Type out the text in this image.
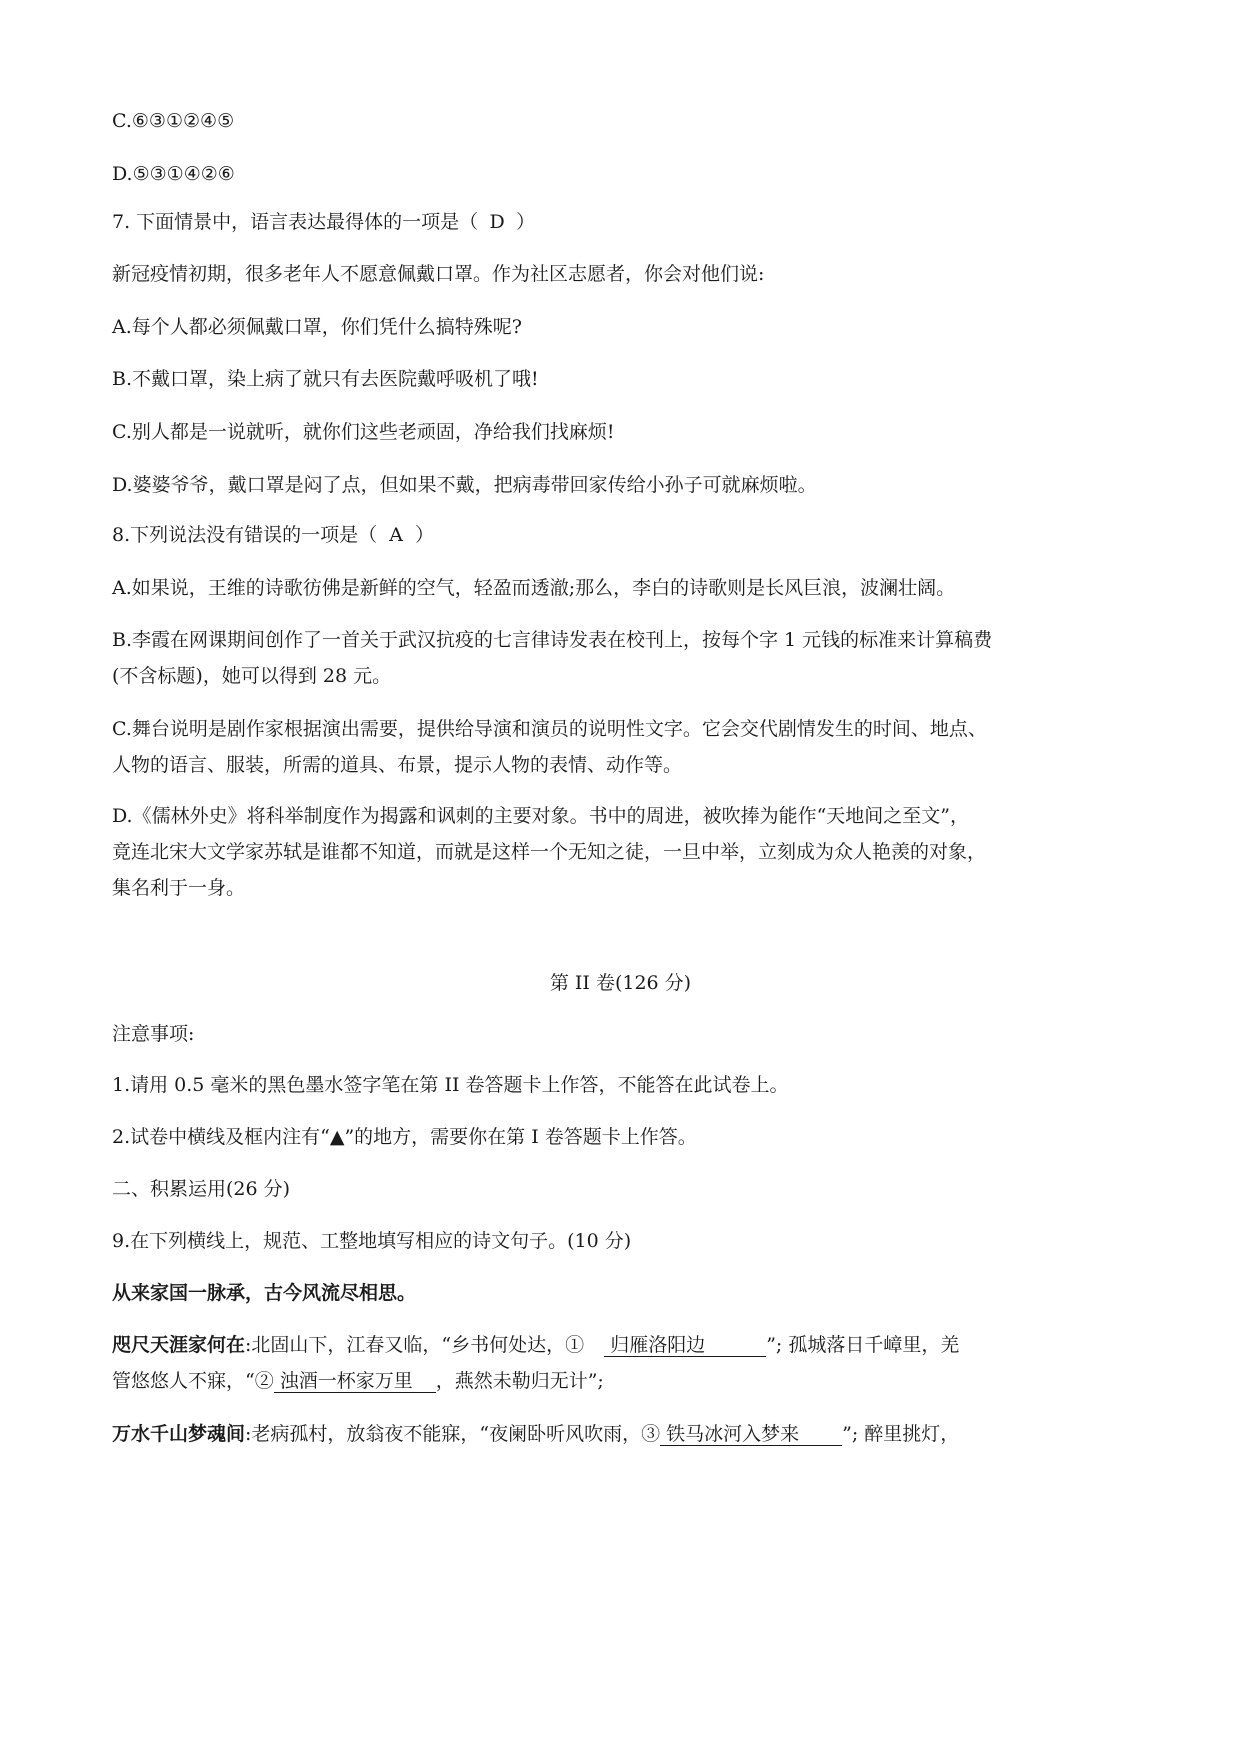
C.⑥③①②④⑤
D.⑤③①④②⑥
7. 下面情景中，语言表达最得体的一项是（ D ）
新冠疫情初期，很多老年人不愿意佩戴口罩。作为社区志愿者，你会对他们说:
A.每个人都必须佩戴口罩，你们凭什么搞特殊呢?
B.不戴口罩，染上病了就只有去医院戴呼吸机了哦!
C.别人都是一说就听，就你们这些老顽固，净给我们找麻烦!
D.婆婆爷爷，戴口罩是闷了点，但如果不戴，把病毒带回家传给小孙子可就麻烦啦。
8.下列说法没有错误的一项是（ A ）
A.如果说，王维的诗歌彷佛是新鲜的空气，轻盈而透澈;那么，李白的诗歌则是长风巨浪，波澜壮阔。
B.李霞在网课期间创作了一首关于武汉抗疫的七言律诗发表在校刊上，按每个字 1 元钱的标准来计算稿费
(不含标题)，她可以得到 28 元。
C.舞台说明是剧作家根据演出需要，提供给导演和演员的说明性文字。它会交代剧情发生的时间、地点、
人物的语言、服装，所需的道具、布景，提示人物的表情、动作等。
D.《儒林外史》将科举制度作为揭露和讽刺的主要对象。书中的周进，被吹捧为能作“天地间之至文”，
竟连北宋大文学家苏轼是谁都不知道，而就是这样一个无知之徒，一旦中举，立刻成为众人艳羡的对象，
集名利于一身。
第 II 卷(126 分)
注意事项:
1.请用 0.5 毫米的黑色墨水签字笔在第 II 卷答题卡上作答，不能答在此试卷上。
2.试卷中横线及框内注有“▲”的地方，需要你在第 I 卷答题卡上作答。
二、积累运用(26 分)
9.在下列横线上，规范、工整地填写相应的诗文句子。(10 分)
从来家国一脉承，古今风流尽相思。
咫尺天涯家何在:北固山下，江春又临，“乡书何处达，① 归雁洛阳边	”; 孤城落日千嶂里，羌
管悠悠人不寐，“② 浊酒一杯家万里 ，燕然未勒归无计”;
万水千山梦魂间:老病孤村，放翁夜不能寐，“夜阑卧听风吹雨，③ 铁马冰河入梦来 ”; 醉里挑灯，
